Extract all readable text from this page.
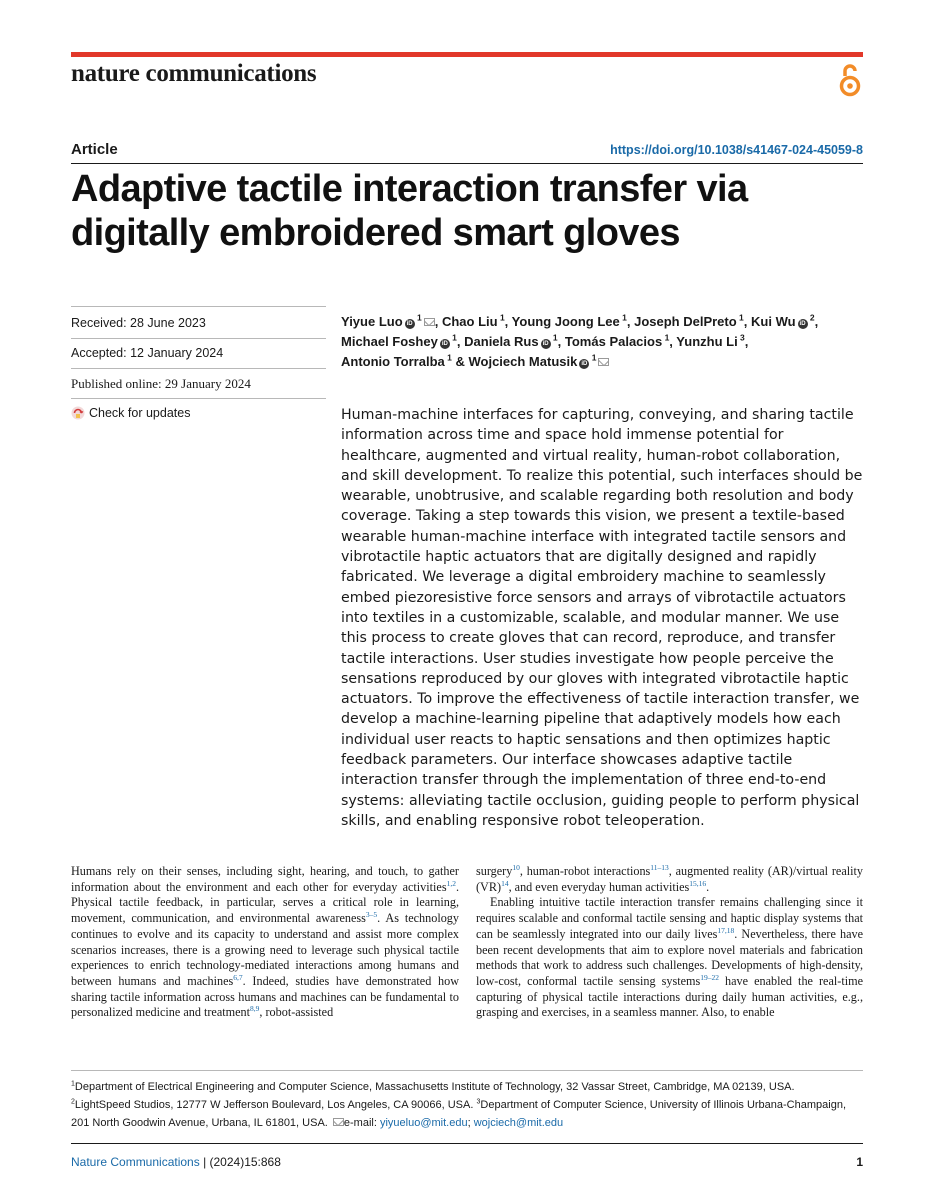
nature communications
Article	https://doi.org/10.1038/s41467-024-45059-8
Adaptive tactile interaction transfer via
digitally embroidered smart gloves
Received: 28 June 2023
Accepted: 12 January 2024
Published online: 29 January 2024
Check for updates
Yiyue Luo iD $^1$ , Chao Liu $^1$, Young Joong Lee $^1$, Joseph DelPreto $^1$, Kui Wu iD $^2$,
Michael Foshey iD $^1$, Daniela Rus iD $^1$, Tomás Palacios $^1$, Yunzhu Li $^3$,
Antonio Torralba $^1$ & Wojciech Matusik iD $^1$

Human-machine interfaces for capturing, conveying, and sharing tactile information across time and space hold immense potential for healthcare, augmented and virtual reality, human-robot collaboration, and skill development. To realize this potential, such interfaces should be wearable, unobtrusive, and scalable regarding both resolution and body coverage. Taking a step towards this vision, we present a textile-based wearable human-machine interface with integrated tactile sensors and vibrotactile haptic actuators that are digitally designed and rapidly fabricated. We leverage a digital embroidery machine to seamlessly embed piezoresistive force sensors and arrays of vibrotactile actuators into textiles in a customizable, scalable, and modular manner. We use this process to create gloves that can record, reproduce, and transfer tactile interactions. User studies investigate how people perceive the sensations reproduced by our gloves with integrated vibrotactile haptic actuators. To improve the effectiveness of tactile interaction transfer, we develop a machine-learning pipeline that adaptively models how each individual user reacts to haptic sensations and then optimizes haptic feedback parameters. Our interface showcases adaptive tactile interaction transfer through the implementation of three end-to-end systems: alleviating tactile occlusion, guiding people to perform physical skills, and enabling responsive robot teleoperation.

Humans rely on their senses, including sight, hearing, and touch, to gather information about the environment and each other for everyday activities$^{1,2}$. Physical tactile feedback, in particular, serves a critical role in learning, movement, communication, and environmental awareness$^{3-5}$. As technology continues to evolve and its capacity to understand and assist more complex scenarios increases, there is a growing need to leverage such physical tactile experiences to enrich technology-mediated interactions among humans and between humans and machines$^{6,7}$. Indeed, studies have demonstrated how sharing tactile information across humans and machines can be fundamental to personalized medicine and treatment$^{8,9}$, robot-assisted

surgery$^{10}$, human-robot interactions$^{11-13}$, augmented reality (AR)/virtual reality (VR)$^{14}$, and even everyday human activities$^{15,16}$.
Enabling intuitive tactile interaction transfer remains challenging since it requires scalable and conformal tactile sensing and haptic display systems that can be seamlessly integrated into our daily lives$^{17,18}$. Nevertheless, there have been recent developments that aim to explore novel materials and fabrication methods that work to address such challenges. Developments of high-density, low-cost, conformal tactile sensing systems$^{19-22}$ have enabled the real-time capturing of physical tactile interactions during daily human activities, e.g., grasping and exercises, in a seamless manner. Also, to enable

$^1$Department of Electrical Engineering and Computer Science, Massachusetts Institute of Technology, 32 Vassar Street, Cambridge, MA 02139, USA.
$^2$LightSpeed Studios, 12777 W Jefferson Boulevard, Los Angeles, CA 90066, USA. $^3$Department of Computer Science, University of Illinois Urbana-Champaign, 201 North Goodwin Avenue, Urbana, IL 61801, USA. e-mail: yiyueluo@mit.edu; wojciech@mit.edu
Nature Communications | (2024)15:868	1
